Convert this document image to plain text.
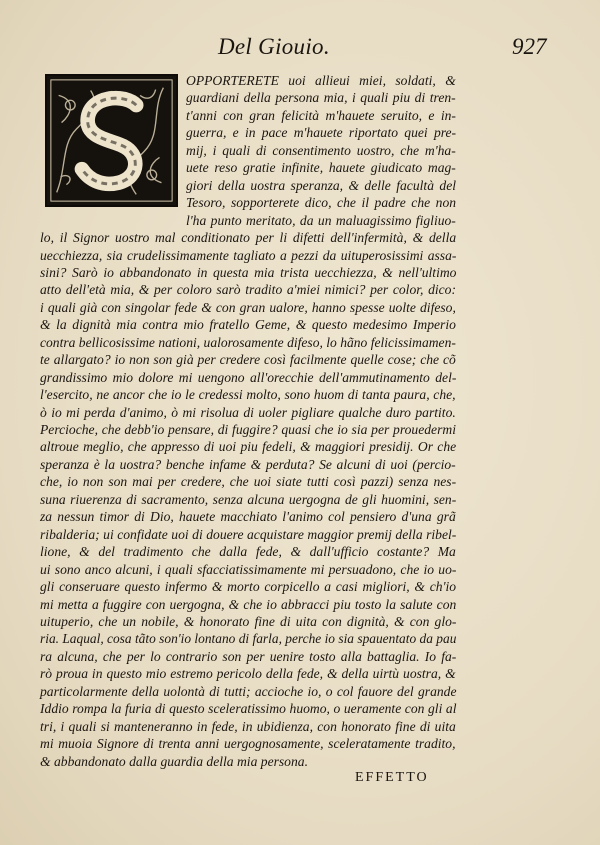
Del Giouio.	927
OPPORTERETE uoi allieui miei, soldati, &
guardiani della persona mia, i quali piu di tren-
t'anni con gran felicità m'hauete seruito, e in-
guerra, e in pace m'hauete riportato quei pre-
mij, i quali di consentimento uostro, che m'ha-
uete reso gratie infinite, hauete giudicato mag-
giori della uostra speranza, & delle facultà del
Tesoro, sopporterete dico, che il padre che non
l'ha punto meritato, da un maluagissimo figliuo-
lo, il Signor uostro mal conditionato per li difetti dell'infermità, & della
uecchiezza, sia crudelissimamente tagliato a pezzi da uituperosissimi assa-
sini? Sarò io abbandonato in questa mia trista uecchiezza, & nell'ultimo
atto dell'età mia, & per coloro sarò tradito a'miei nimici? per color, dico:
i quali già con singolar fede & con gran ualore, hanno spesse uolte difeso,
& la dignità mia contra mio fratello Geme, & questo medesimo Imperio
contra bellicosissime nationi, ualorosamente difeso, lo hãno felicissimamen-
te allargato? io non son già per credere così facilmente quelle cose; che cõ
grandissimo mio dolore mi uengono all'orecchie dell'ammutinamento del-
l'esercito, ne ancor che io le credessi molto, sono huom di tanta paura, che,
ò io mi perda d'animo, ò mi risolua di uoler pigliare qualche duro partito.
Percioche, che debb'io pensare, di fuggire? quasi che io sia per prouedermi
altroue meglio, che appresso di uoi piu fedeli, & maggiori presidij. Or che
speranza è la uostra? benche infame & perduta? Se alcuni di uoi (percio-
che, io non son mai per credere, che uoi siate tutti così pazzi) senza nes-
suna riuerenza di sacramento, senza alcuna uergogna de gli huomini, sen-
za nessun timor di Dio, hauete macchiato l'animo col pensiero d'una grã
ribalderia; ui confidate uoi di douere acquistare maggior premij della ribel-
lione, & del tradimento che dalla fede, & dall'ufficio costante? Ma
ui sono anco alcuni, i quali sfacciatissimamente mi persuadono, che io uo-
gli conseruare questo infermo & morto corpicello a casi migliori, & ch'io
mi metta a fuggire con uergogna, & che io abbracci piu tosto la salute con
uituperio, che un nobile, & honorato fine di uita con dignità, & con glo-
ria. Laqual, cosa tãto son'io lontano di farla, perche io sia spauentato da pau
ra alcuna, che per lo contrario son per uenire tosto alla battaglia. Io fa-
rò proua in questo mio estremo pericolo della fede, & della uirtù uostra, &
particolarmente della uolontà di tutti; accioche io, o col fauore del grande
Iddio rompa la furia di questo sceleratissimo huomo, o ueramente con gli al
tri, i quali si manteneranno in fede, in ubidienza, con honorato fine di uita
mi muoia Signore di trenta anni uergognosamente, sceleratamente tradito,
& abbandonato dalla guardia della mia persona.
EFFETTO
